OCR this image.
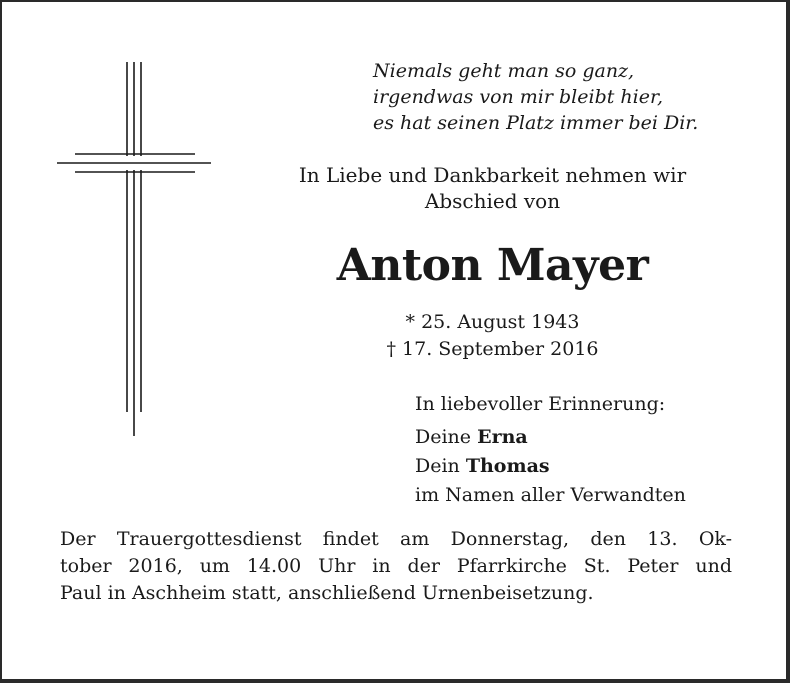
Niemals geht man so ganz,
irgendwas von mir bleibt hier,
es hat seinen Platz immer bei Dir.
In Liebe und Dankbarkeit nehmen wir
Abschied von
Anton Mayer
* 25. August 1943
† 17. September 2016
In liebevoller Erinnerung:
Deine Erna
Dein Thomas
im Namen aller Verwandten
Der Trauergottesdienst findet am Donnerstag, den 13. Ok-
tober 2016, um 14.00 Uhr in der Pfarrkirche St. Peter und
Paul in Aschheim statt, anschließend Urnenbeisetzung.
